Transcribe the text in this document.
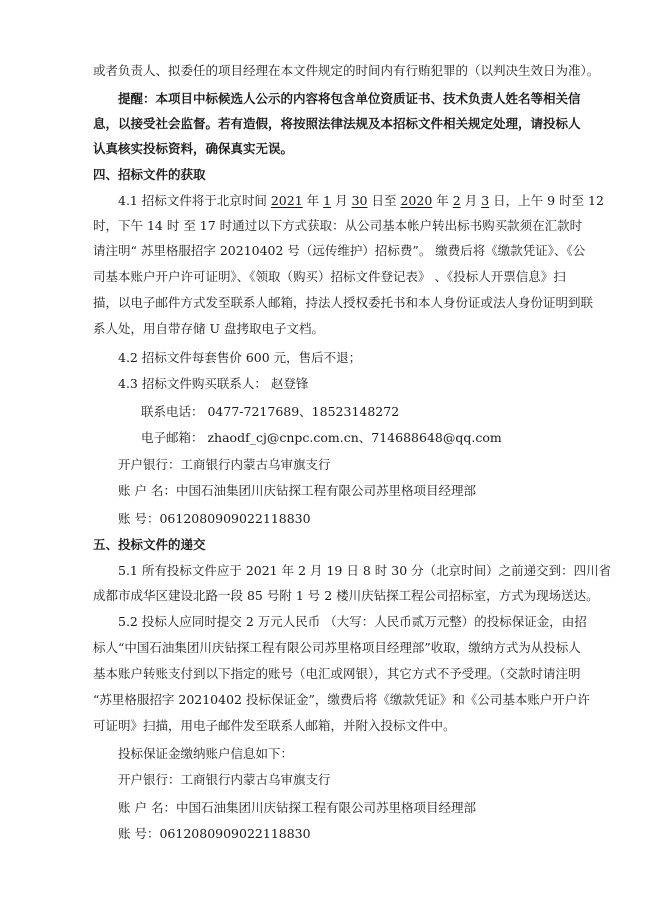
或者负责人、拟委任的项目经理在本文件规定的时间内有行贿犯罪的（以判决生效日为准）。
提醒：本项目中标候选人公示的内容将包含单位资质证书、技术负责人姓名等相关信
息，以接受社会监督。若有造假，将按照法律法规及本招标文件相关规定处理，请投标人
认真核实投标资料，确保真实无误。
四、招标文件的获取
4.1 招标文件将于北京时间 2021 年 1 月 30 日至 2020 年 2 月 3 日，上午 9 时至 12
时，下午 14 时 至 17 时通过以下方式获取：从公司基本帐户转出标书购买款须在汇款时
请注明“ 苏里格服招字 20210402 号（远传维护）招标费”。 缴费后将《缴款凭证》、《公
司基本账户开户许可证明》、《领取（购买）招标文件登记表》 、《投标人开票信息》扫
描，以电子邮件方式发至联系人邮箱，持法人授权委托书和本人身份证或法人身份证明到联
系人处，用自带存储 U 盘拷取电子文档。
4.2 招标文件每套售价 600 元，售后不退；
4.3 招标文件购买联系人： 赵登锋
联系电话： 0477-7217689、18523148272
电子邮箱： zhaodf_cj@cnpc.com.cn、714688648@qq.com
开户银行：工商银行内蒙古乌审旗支行
账 户 名：中国石油集团川庆钻探工程有限公司苏里格项目经理部
账 号：0612080909022118830
五、投标文件的递交
5.1 所有投标文件应于 2021 年 2 月 19 日 8 时 30 分（北京时间）之前递交到：四川省
成都市成华区建设北路一段 85 号附 1 号 2 楼川庆钻探工程公司招标室，方式为现场送达。
5.2 投标人应同时提交 2 万元人民币 （大写：人民币贰万元整）的投标保证金，由招
标人“中国石油集团川庆钻探工程有限公司苏里格项目经理部”收取，缴纳方式为从投标人
基本账户转账支付到以下指定的账号（电汇或网银），其它方式不予受理。（交款时请注明
“苏里格服招字 20210402 投标保证金”，缴费后将《缴款凭证》和《公司基本账户开户许
可证明》扫描，用电子邮件发至联系人邮箱，并附入投标文件中。
投标保证金缴纳账户信息如下：
开户银行：工商银行内蒙古乌审旗支行
账 户 名：中国石油集团川庆钻探工程有限公司苏里格项目经理部
账 号：0612080909022118830
